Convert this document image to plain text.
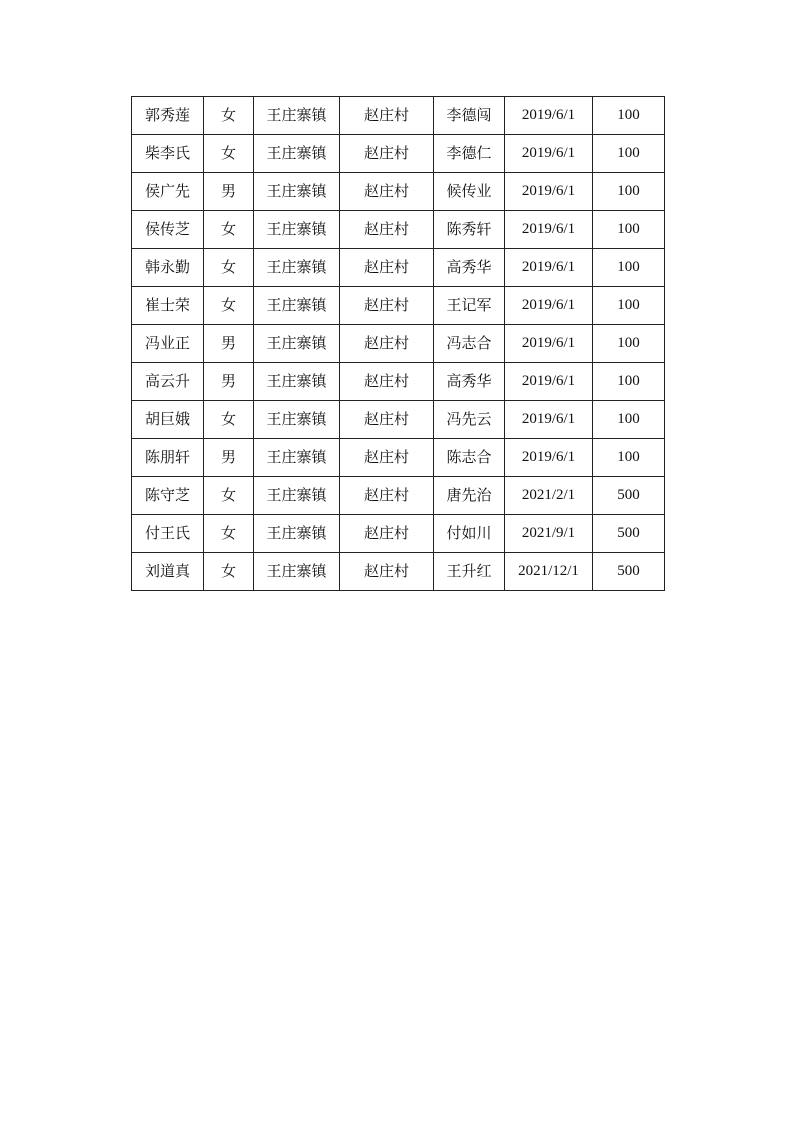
郭秀莲	女	王庄寨镇	赵庄村	李德闯	2019/6/1	100
柴李氏	女	王庄寨镇	赵庄村	李德仁	2019/6/1	100
侯广先	男	王庄寨镇	赵庄村	候传业	2019/6/1	100
侯传芝	女	王庄寨镇	赵庄村	陈秀轩	2019/6/1	100
韩永勤	女	王庄寨镇	赵庄村	高秀华	2019/6/1	100
崔士荣	女	王庄寨镇	赵庄村	王记军	2019/6/1	100
冯业正	男	王庄寨镇	赵庄村	冯志合	2019/6/1	100
高云升	男	王庄寨镇	赵庄村	高秀华	2019/6/1	100
胡巨娥	女	王庄寨镇	赵庄村	冯先云	2019/6/1	100
陈朋轩	男	王庄寨镇	赵庄村	陈志合	2019/6/1	100
陈守芝	女	王庄寨镇	赵庄村	唐先治	2021/2/1	500
付王氏	女	王庄寨镇	赵庄村	付如川	2021/9/1	500
刘道真	女	王庄寨镇	赵庄村	王升红	2021/12/1	500
